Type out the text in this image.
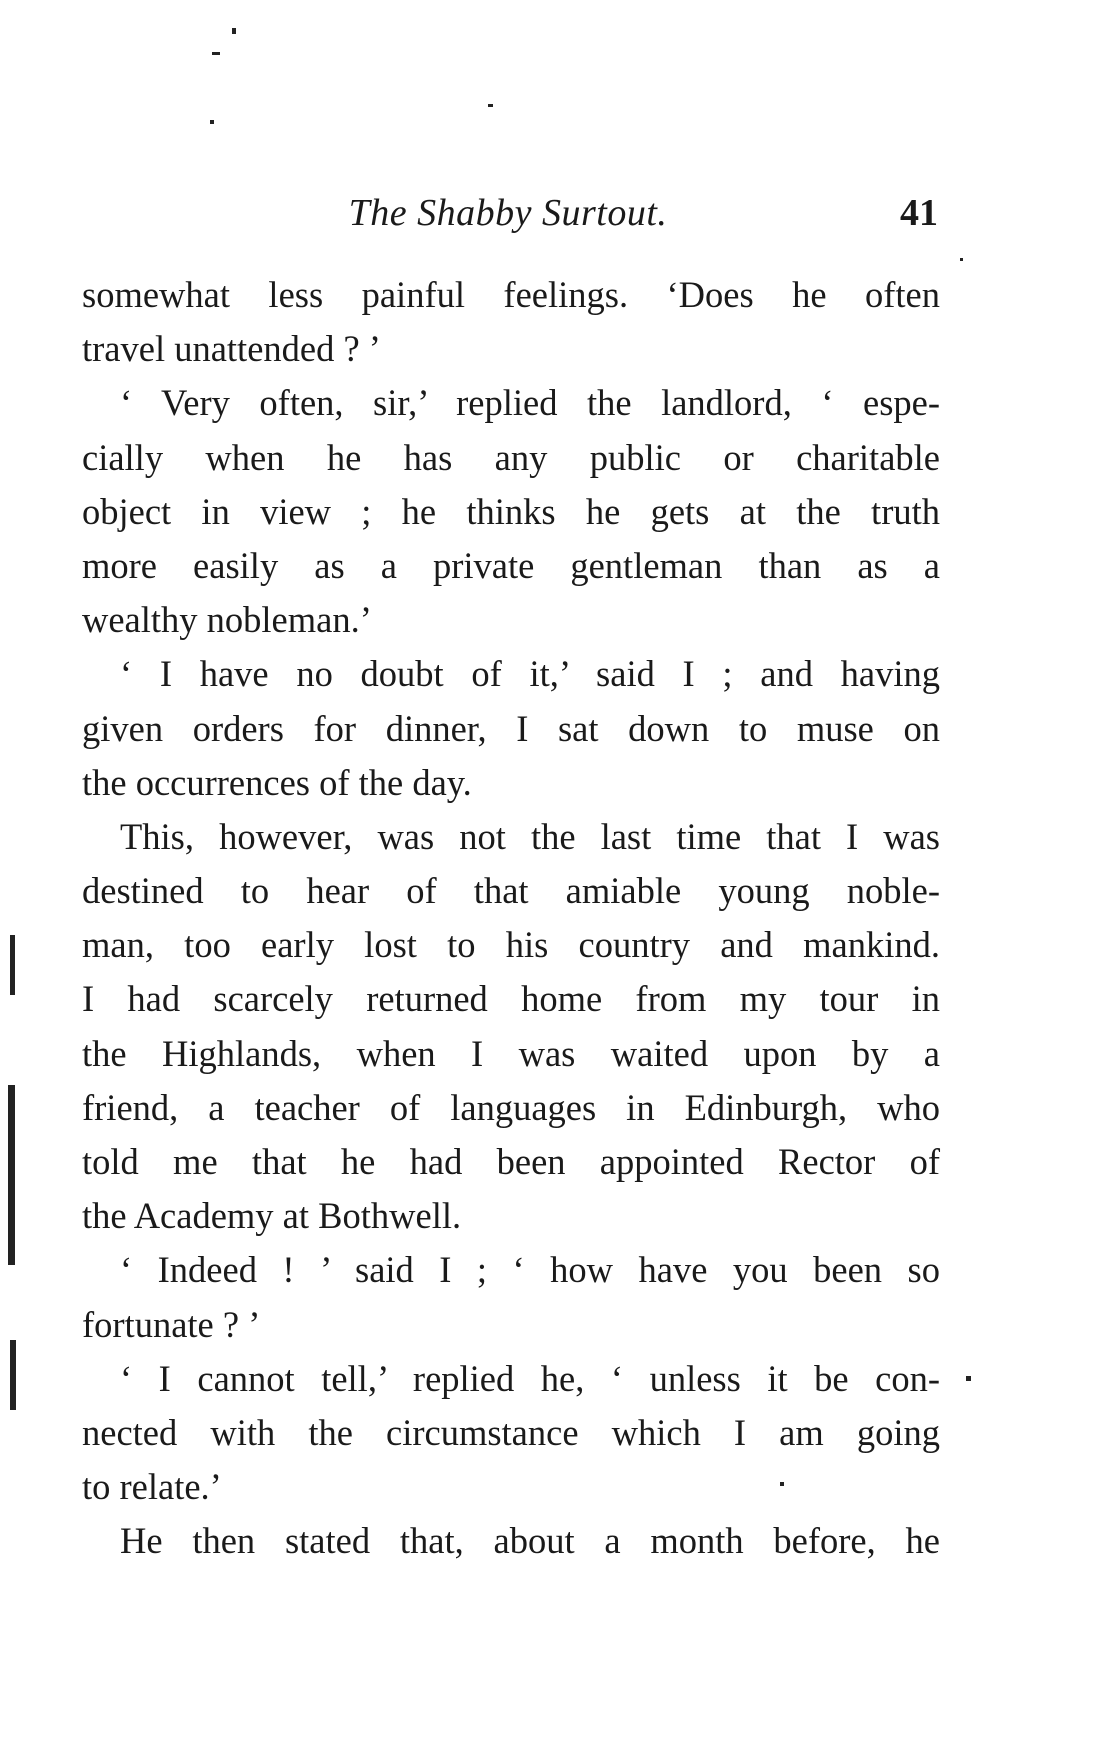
The Shabby Surtout.	41
somewhat less painful feelings. ‘Does he often
travel unattended ? ’
‘ Very often, sir,’ replied the landlord, ‘ espe-
cially when he has any public or charitable
object in view ; he thinks he gets at the truth
more easily as a private gentleman than as a
wealthy nobleman.’
‘ I have no doubt of it,’ said I ; and having
given orders for dinner, I sat down to muse on
the occurrences of the day.
This, however, was not the last time that I was
destined to hear of that amiable young noble-
man, too early lost to his country and mankind.
I had scarcely returned home from my tour in
the Highlands, when I was waited upon by a
friend, a teacher of languages in Edinburgh, who
told me that he had been appointed Rector of
the Academy at Bothwell.
‘ Indeed ! ’ said I ; ‘ how have you been so
fortunate ? ’
‘ I cannot tell,’ replied he, ‘ unless it be con-
nected with the circumstance which I am going
to relate.’
He then stated that, about a month before, he
